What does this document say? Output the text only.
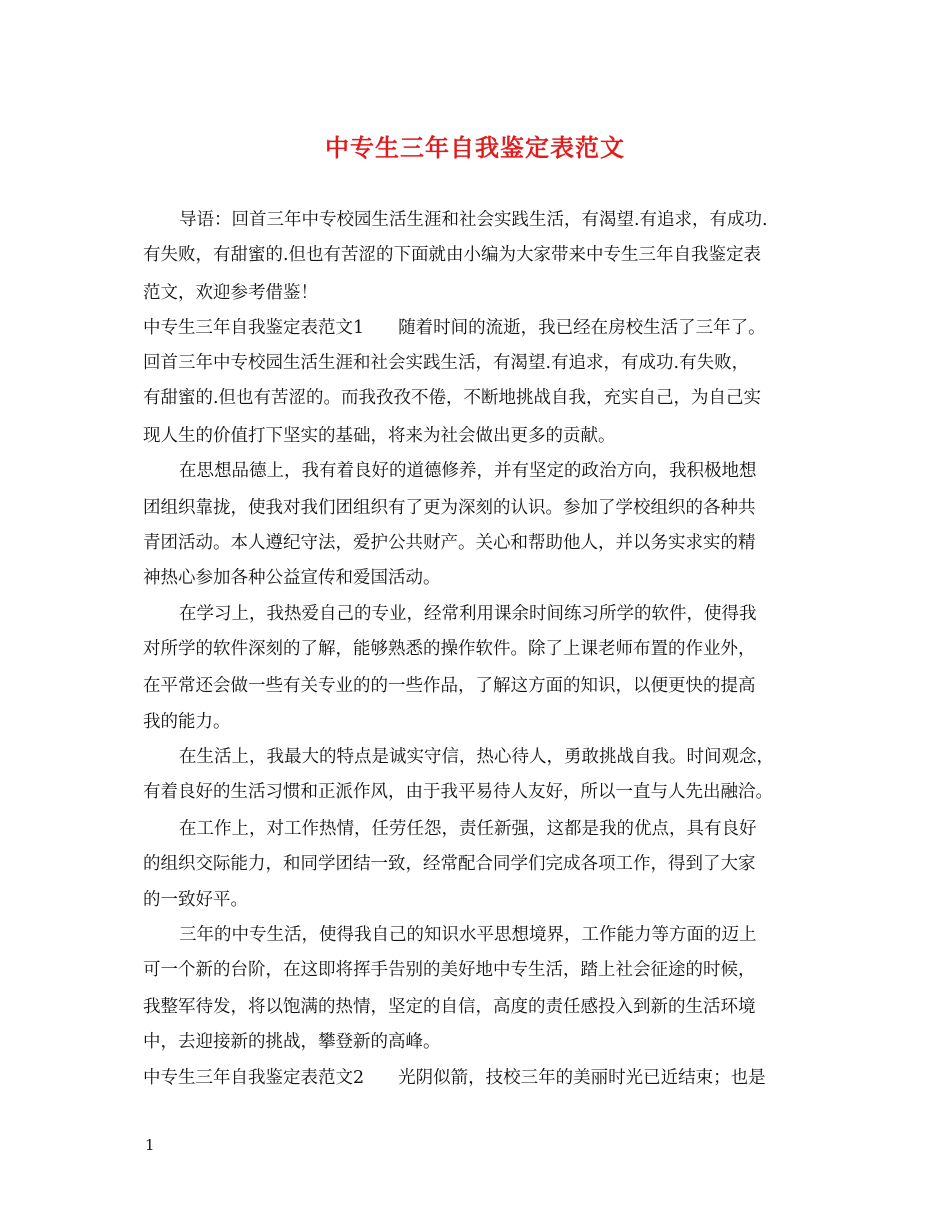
中专生三年自我鉴定表范文
导语：回首三年中专校园生活生涯和社会实践生活，有渴望.有追求，有成功.
有失败，有甜蜜的.但也有苦涩的下面就由小编为大家带来中专生三年自我鉴定表
范文，欢迎参考借鉴！
中专生三年自我鉴定表范文1 随着时间的流逝，我已经在房校生活了三年了。
回首三年中专校园生活生涯和社会实践生活，有渴望.有追求，有成功.有失败，
有甜蜜的.但也有苦涩的。而我孜孜不倦，不断地挑战自我，充实自己，为自己实
现人生的价值打下坚实的基础，将来为社会做出更多的贡献。
在思想品德上，我有着良好的道德修养，并有坚定的政治方向，我积极地想
团组织靠拢，使我对我们团组织有了更为深刻的认识。参加了学校组织的各种共
青团活动。本人遵纪守法，爱护公共财产。关心和帮助他人，并以务实求实的精
神热心参加各种公益宣传和爱国活动。
在学习上，我热爱自己的专业，经常利用课余时间练习所学的软件，使得我
对所学的软件深刻的了解，能够熟悉的操作软件。除了上课老师布置的作业外，
在平常还会做一些有关专业的的一些作品，了解这方面的知识，以便更快的提高
我的能力。
在生活上，我最大的特点是诚实守信，热心待人，勇敢挑战自我。时间观念，
有着良好的生活习惯和正派作风，由于我平易待人友好，所以一直与人先出融洽。
在工作上，对工作热情，任劳任怨，责任新强，这都是我的优点，具有良好
的组织交际能力，和同学团结一致，经常配合同学们完成各项工作，得到了大家
的一致好平。
三年的中专生活，使得我自己的知识水平思想境界，工作能力等方面的迈上
可一个新的台阶，在这即将挥手告别的美好地中专生活，踏上社会征途的时候，
我整军待发，将以饱满的热情，坚定的自信，高度的责任感投入到新的生活环境
中，去迎接新的挑战，攀登新的高峰。
中专生三年自我鉴定表范文2 光阴似箭，技校三年的美丽时光已近结束；也是
1
